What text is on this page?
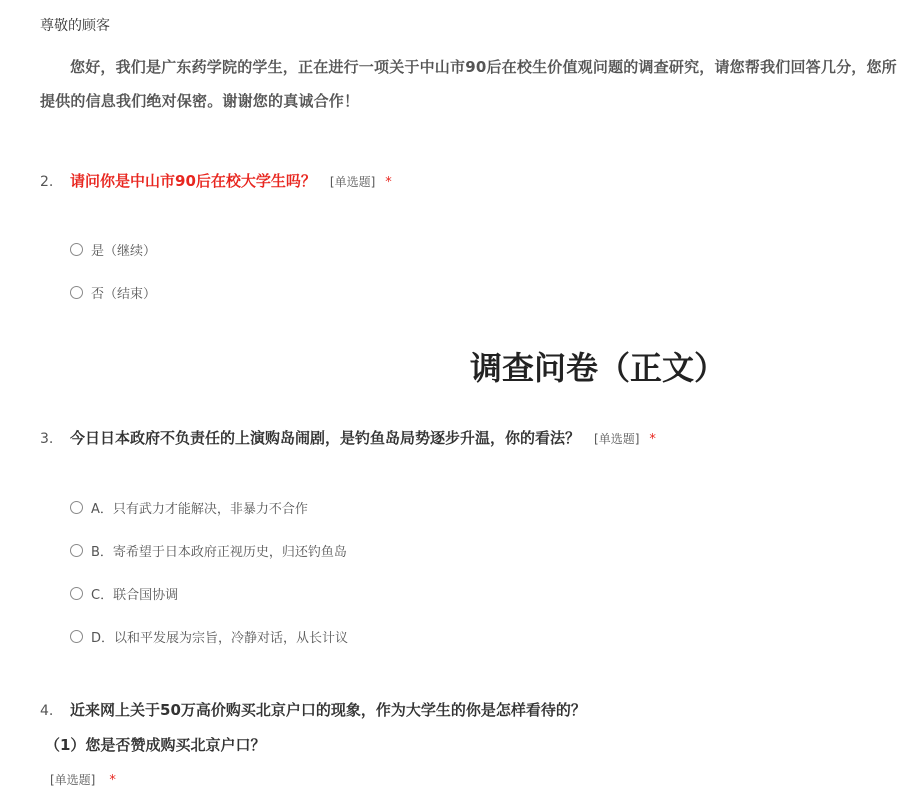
尊敬的顾客
您好，我们是广东药学院的学生，正在进行一项关于中山市90后在校生价值观问题的调查研究，请您帮我们回答几分，您所提供的信息我们绝对保密。谢谢您的真诚合作！
2. 请问你是中山市90后在校大学生吗？ [单选题] *
是（继续）
否（结束）
调查问卷（正文）
3. 今日日本政府不负责任的上演购岛闹剧，是钓鱼岛局势逐步升温，你的看法？ [单选题] *
A．只有武力才能解决，非暴力不合作
B．寄希望于日本政府正视历史，归还钓鱼岛
C．联合国协调
D．以和平发展为宗旨，冷静对话，从长计议
4. 近来网上关于50万高价购买北京户口的现象，作为大学生的你是怎样看待的？
（1）您是否赞成购买北京户口？
[单选题] *
